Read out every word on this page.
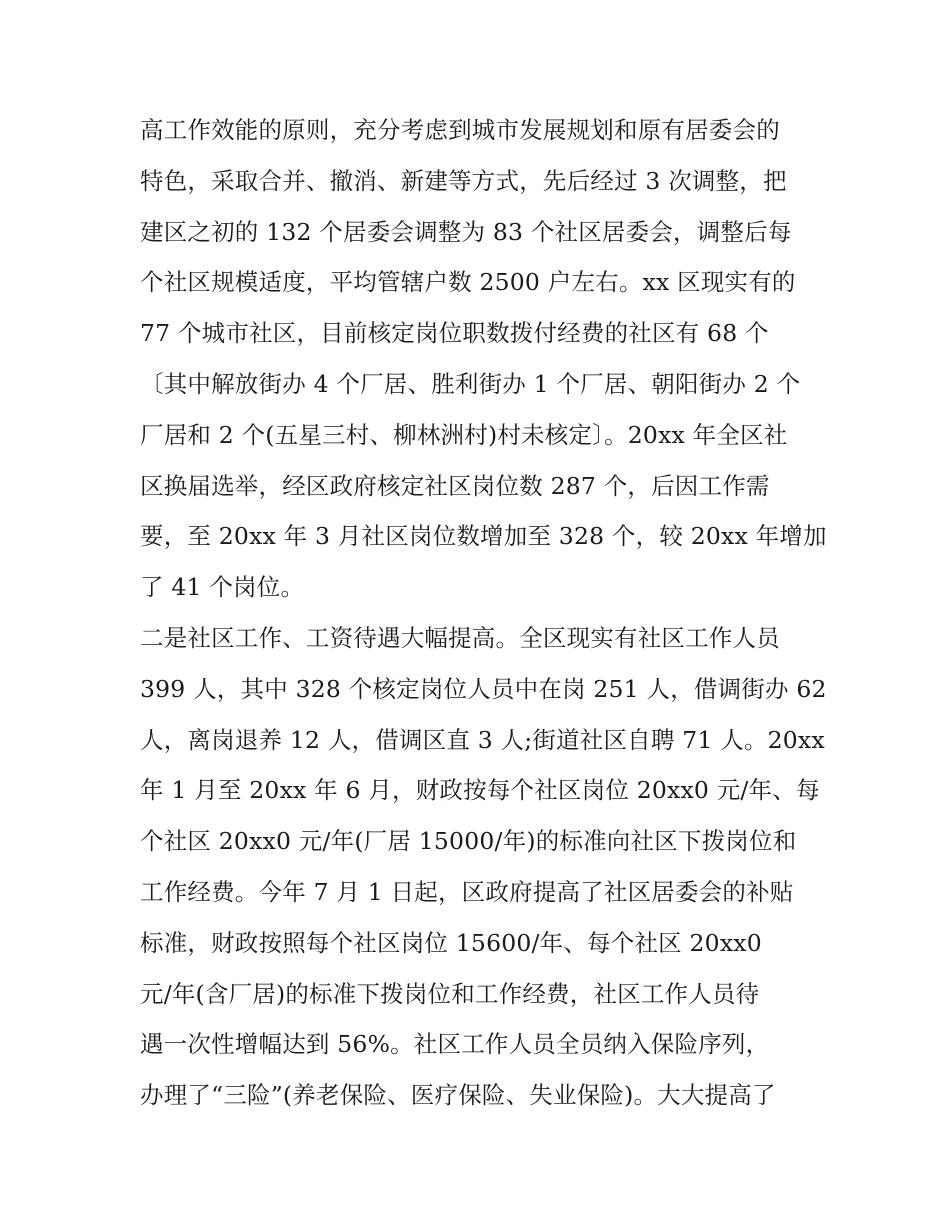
高工作效能的原则，充分考虑到城市发展规划和原有居委会的
特色，采取合并、撤消、新建等方式，先后经过 3 次调整，把
建区之初的 132 个居委会调整为 83 个社区居委会，调整后每
个社区规模适度，平均管辖户数 2500 户左右。xx 区现实有的
77 个城市社区，目前核定岗位职数拨付经费的社区有 68 个
〔其中解放街办 4 个厂居、胜利街办 1 个厂居、朝阳街办 2 个
厂居和 2 个(五星三村、柳林洲村)村未核定〕。20xx 年全区社
区换届选举，经区政府核定社区岗位数 287 个，后因工作需
要，至 20xx 年 3 月社区岗位数增加至 328 个，较 20xx 年增加
了 41 个岗位。
二是社区工作、工资待遇大幅提高。全区现实有社区工作人员
399 人，其中 328 个核定岗位人员中在岗 251 人，借调街办 62
人，离岗退养 12 人，借调区直 3 人;街道社区自聘 71 人。20xx
年 1 月至 20xx 年 6 月，财政按每个社区岗位 20xx0 元/年、每
个社区 20xx0 元/年(厂居 15000/年)的标准向社区下拨岗位和
工作经费。今年 7 月 1 日起，区政府提高了社区居委会的补贴
标准，财政按照每个社区岗位 15600/年、每个社区 20xx0
元/年(含厂居)的标准下拨岗位和工作经费，社区工作人员待
遇一次性增幅达到 56%。社区工作人员全员纳入保险序列，
办理了“三险”(养老保险、医疗保险、失业保险)。大大提高了
